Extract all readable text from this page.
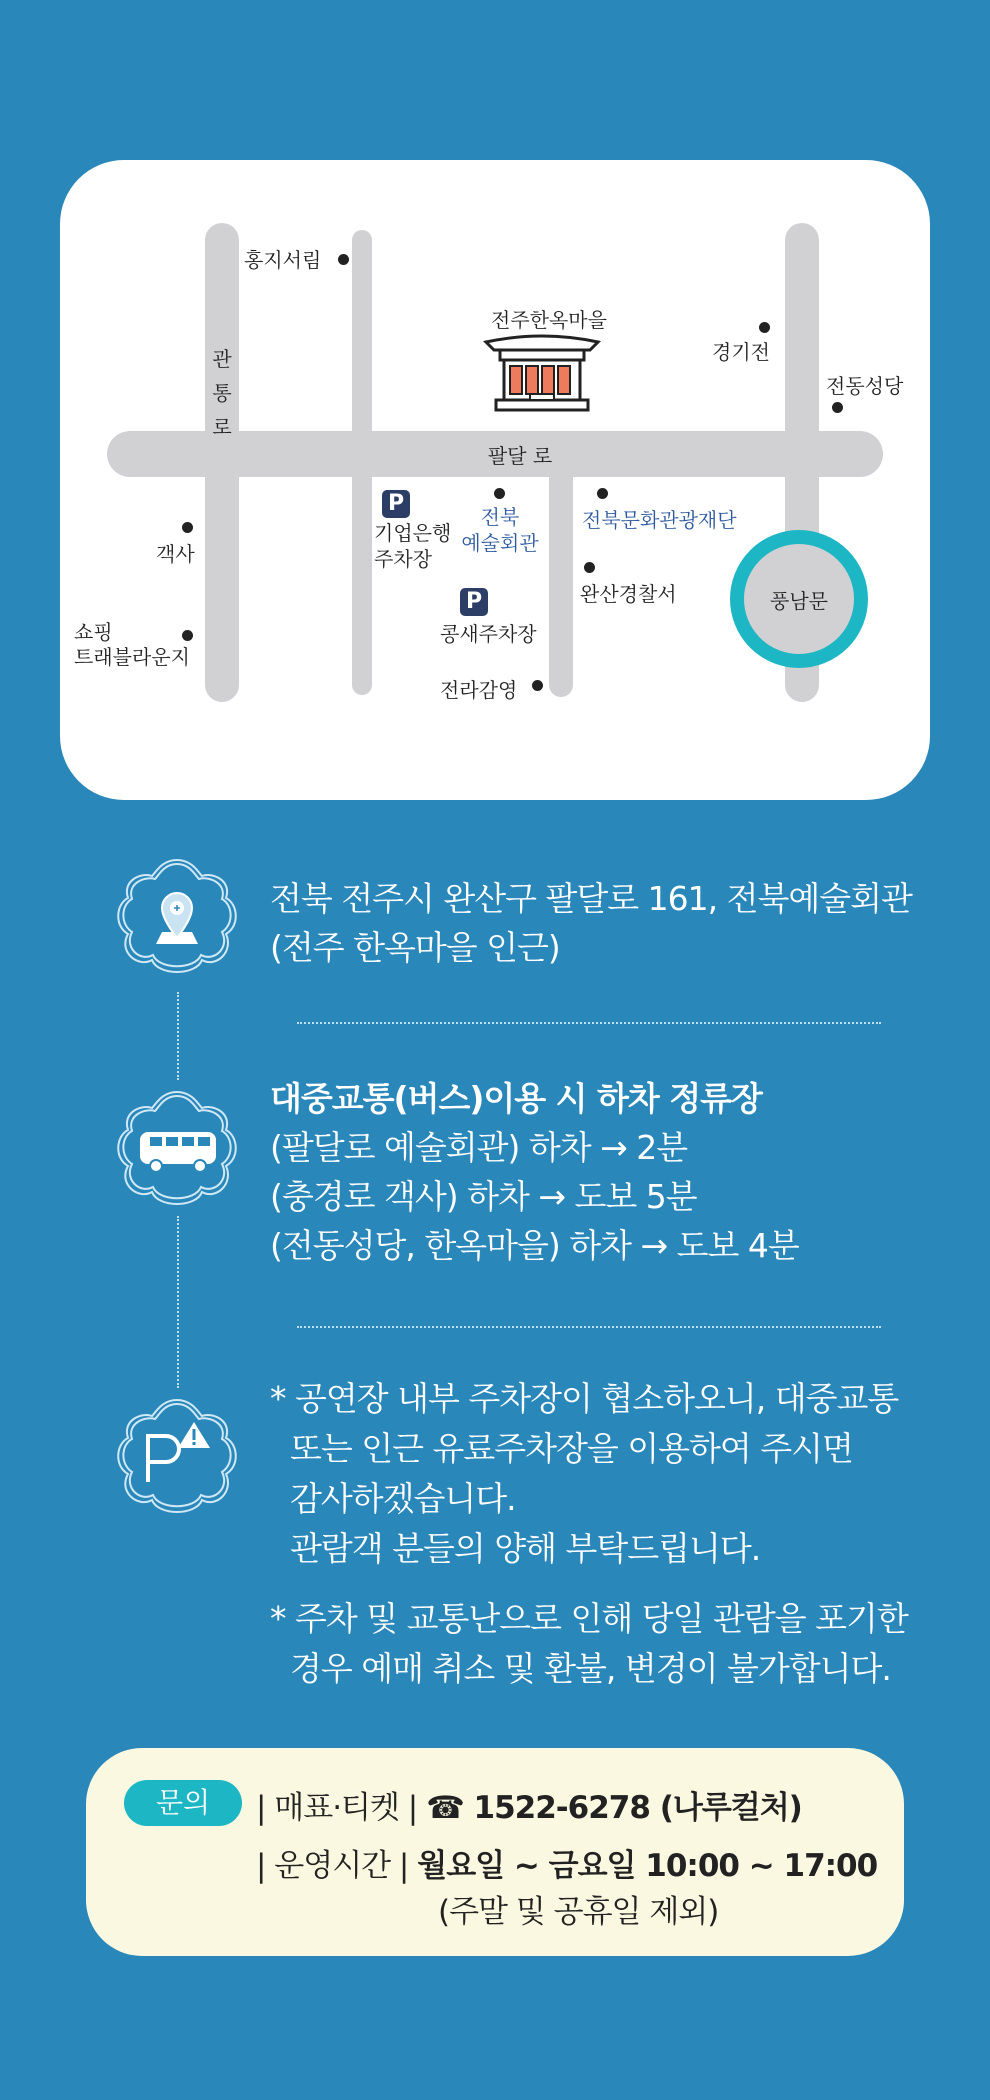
홍지서림
전주한옥마을
경기전
전동성당
관
통
로
팔달 로
객사
쇼핑
트래블라운지
P
기업은행
주차장
전북
예술회관
전북문화관광재단
완산경찰서
P
콩새주차장
전라감영
풍남문
전북 전주시 완산구 팔달로 161, 전북예술회관
(전주 한옥마을 인근)
대중교통(버스)이용 시 하차 정류장
(팔달로 예술회관) 하차 → 2분
(충경로 객사) 하차 → 도보 5분
(전동성당, 한옥마을) 하차 → 도보 4분
* 공연장 내부 주차장이 협소하오니, 대중교통
또는 인근 유료주차장을 이용하여 주시면
감사하겠습니다.
관람객 분들의 양해 부탁드립니다.
* 주차 및 교통난으로 인해 당일 관람을 포기한
경우 예매 취소 및 환불, 변경이 불가합니다.
문의	| 매표·티켓 | ☎ 1522-6278 (나루컬처)
| 운영시간 | 월요일 ~ 금요일 10:00 ~ 17:00
(주말 및 공휴일 제외)
